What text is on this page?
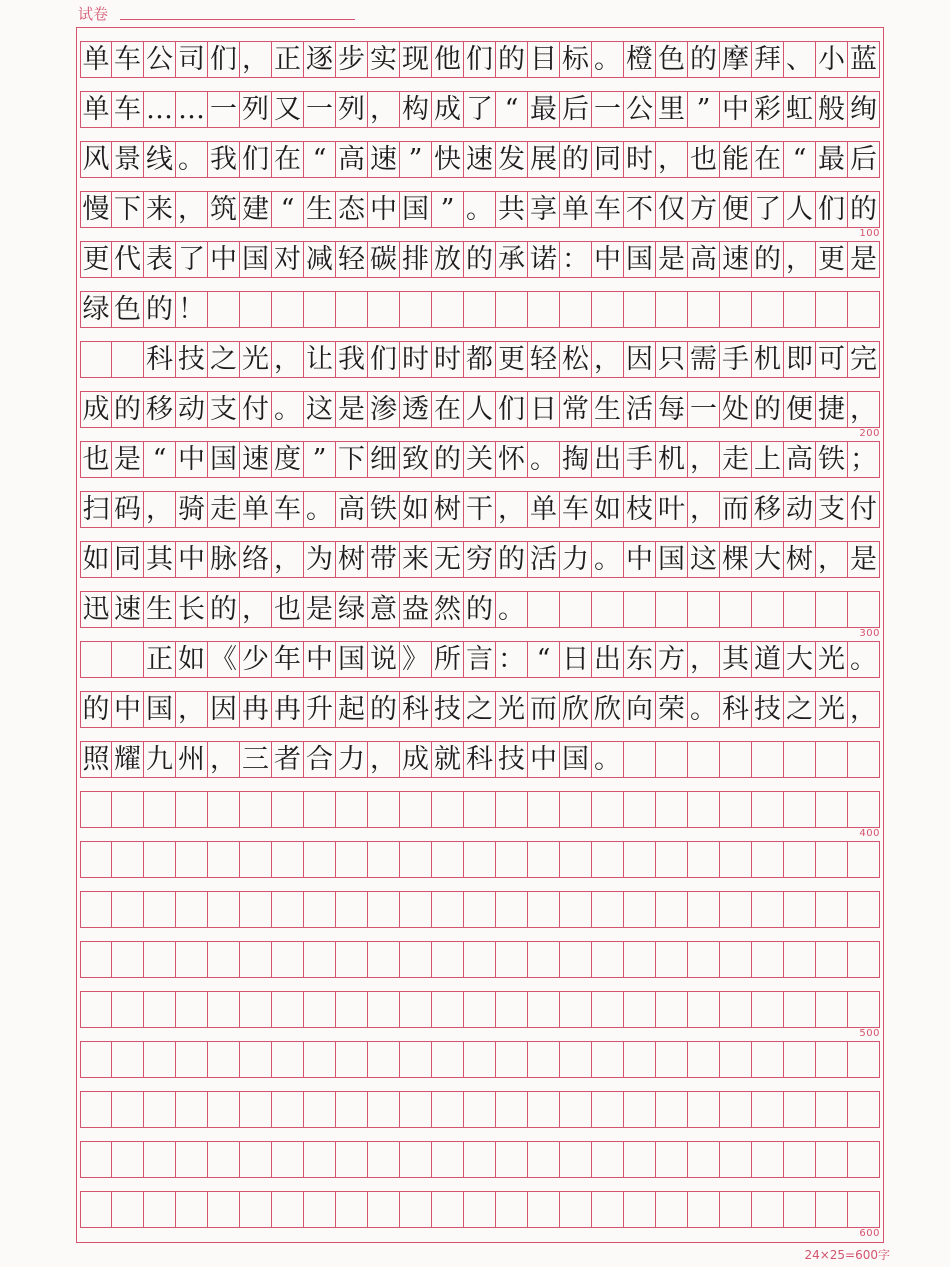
试卷
单 车 公 司 们 ， 正 逐 步 实 现 他 们 的 目 标 。 橙 色 的 摩 拜 、 小 蓝
单 车 … … 一 列 又 一 列 ， 构 成 了 “ 最 后 一 公 里 ” 中 彩 虹 般 绚
风 景 线 。 我 们 在 “ 高 速 ” 快 速 发 展 的 同 时 ， 也 能 在 “ 最 后
慢 下 来 ， 筑 建 “ 生 态 中 国 ” 。 共 享 单 车 不 仅 方 便 了 人 们 的
更 代 表 了 中 国 对 减 轻 碳 排 放 的 承 诺 ： 中 国 是 高 速 的 ， 更 是
绿 色 的 ！
科 技 之 光 ， 让 我 们 时 时 都 更 轻 松 ， 因 只 需 手 机 即 可 完
成 的 移 动 支 付 。 这 是 渗 透 在 人 们 日 常 生 活 每 一 处 的 便 捷 ，
也 是 “ 中 国 速 度 ” 下 细 致 的 关 怀 。 掏 出 手 机 ， 走 上 高 铁 ；
扫 码 ， 骑 走 单 车 。 高 铁 如 树 干 ， 单 车 如 枝 叶 ， 而 移 动 支 付
如 同 其 中 脉 络 ， 为 树 带 来 无 穷 的 活 力 。 中 国 这 棵 大 树 ， 是
迅 速 生 长 的 ， 也 是 绿 意 盎 然 的 。
正 如 《 少 年 中 国 说 》 所 言 ： “ 日 出 东 方 ， 其 道 大 光 。
的 中 国 ， 因 冉 冉 升 起 的 科 技 之 光 而 欣 欣 向 荣 。 科 技 之 光 ，
照 耀 九 州 ， 三 者 合 力 ， 成 就 科 技 中 国 。
24×25=600字
100
200
300
400
500
600
